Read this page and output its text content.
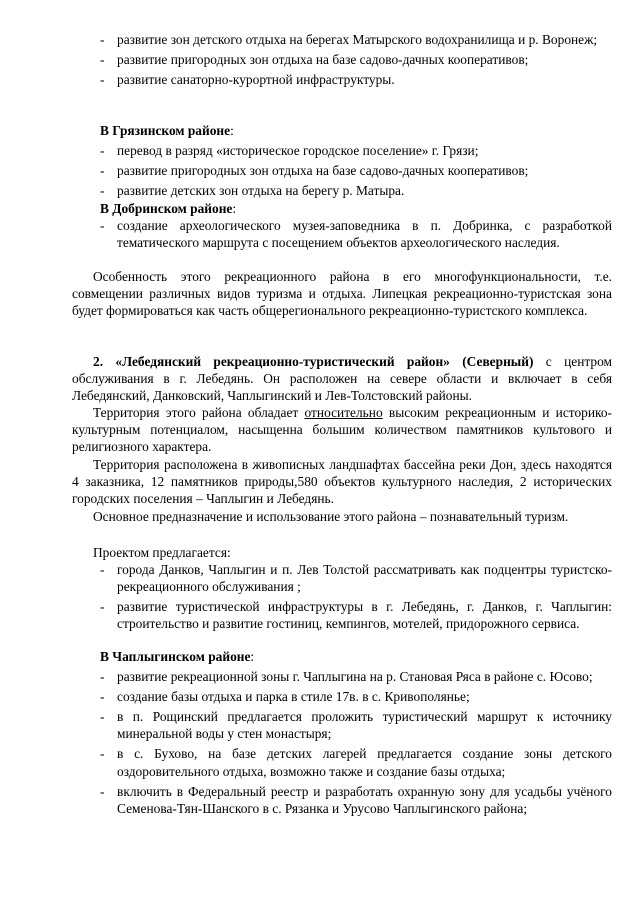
- развитие зон детского отдыха на берегах Матырского водохранилища и р. Воронеж;
- развитие пригородных зон отдыха на базе садово-дачных кооперативов;
- развитие санаторно-курортной инфраструктуры.
В Грязинском районе:
- перевод в разряд «историческое городское поселение» г. Грязи;
- развитие пригородных зон отдыха на базе садово-дачных кооперативов;
- развитие детских зон отдыха на берегу р. Матыра.
В Добринском районе:
- создание археологического музея-заповедника в п. Добринка, с разработкой тематического маршрута с посещением объектов археологического наследия.
Особенность этого рекреационного района в его многофункциональности, т.е. совмещении различных видов туризма и отдыха. Липецкая рекреационно-туристская зона будет формироваться как часть общерегионального рекреационно-туристского комплекса.
2. «Лебедянский рекреационно-туристический район» (Северный) с центром обслуживания в г. Лебедянь. Он расположен на севере области и включает в себя Лебедянский, Данковский, Чаплыгинский и Лев-Толстовский районы.
Территория этого района обладает относительно высоким рекреационным и историко-культурным потенциалом, насыщенна большим количеством памятников культового и религиозного характера.
Территория расположена в живописных ландшафтах бассейна реки Дон, здесь находятся 4 заказника, 12 памятников природы,580 объектов культурного наследия, 2 исторических городских поселения – Чаплыгин и Лебедянь.
Основное предназначение и использование этого района – познавательный туризм.
Проектом предлагается:
- города Данков, Чаплыгин и п. Лев Толстой рассматривать как подцентры туристско-рекреационного обслуживания ;
- развитие туристической инфраструктуры в г. Лебедянь, г. Данков, г. Чаплыгин: строительство и развитие гостиниц, кемпингов, мотелей, придорожного сервиса.
В Чаплыгинском районе:
- развитие рекреационной зоны г. Чаплыгина на р. Становая Ряса в районе с. Юсово;
- создание базы отдыха и парка в стиле 17в. в с. Кривополянье;
- в п. Рощинский предлагается проложить туристический маршрут к источнику минеральной воды у стен монастыря;
- в с. Бухово, на базе детских лагерей предлагается создание зоны детского оздоровительного отдыха, возможно также и создание базы отдыха;
- включить в Федеральный реестр и разработать охранную зону для усадьбы учёного Семенова-Тян-Шанского в с. Рязанка и Урусово Чаплыгинского района;
